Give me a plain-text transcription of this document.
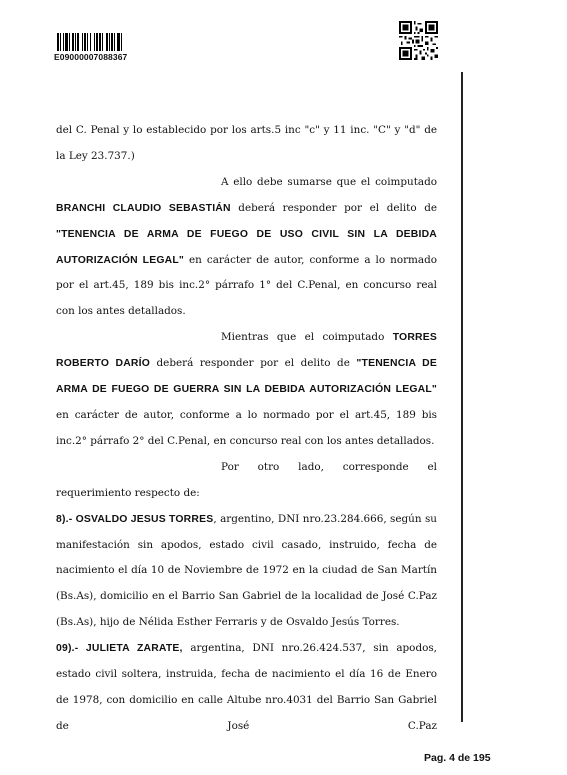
E09000007088367

del C. Penal y lo establecido por los arts.5 inc "c" y 11 inc. "C" y "d" de la Ley 23.737.)

A ello debe sumarse que el coimputado BRANCHI CLAUDIO SEBASTIÁN deberá responder por el delito de "TENENCIA DE ARMA DE FUEGO DE USO CIVIL SIN LA DEBIDA AUTORIZACIÓN LEGAL" en carácter de autor, conforme a lo normado por el art.45, 189 bis inc.2° párrafo 1° del C.Penal, en concurso real con los antes detallados.

Mientras que el coimputado TORRES ROBERTO DARÍO deberá responder por el delito de "TENENCIA DE ARMA DE FUEGO DE GUERRA SIN LA DEBIDA AUTORIZACIÓN LEGAL" en carácter de autor, conforme a lo normado por el art.45, 189 bis inc.2° párrafo 2° del C.Penal, en concurso real con los antes detallados.

Por otro lado, corresponde el requerimiento respecto de:

8).- OSVALDO JESUS TORRES, argentino, DNI nro.23.284.666, según su manifestación sin apodos, estado civil casado, instruido, fecha de nacimiento el día 10 de Noviembre de 1972 en la ciudad de San Martín (Bs.As), domicilio en el Barrio San Gabriel de la localidad de José C.Paz (Bs.As), hijo de Nélida Esther Ferraris y de Osvaldo Jesús Torres.

09).- JULIETA ZARATE, argentina, DNI nro.26.424.537, sin apodos, estado civil soltera, instruida, fecha de nacimiento el día 16 de Enero de 1978, con domicilio en calle Altube nro.4031 del Barrio San Gabriel de José C.Paz

Pag. 4 de 195
